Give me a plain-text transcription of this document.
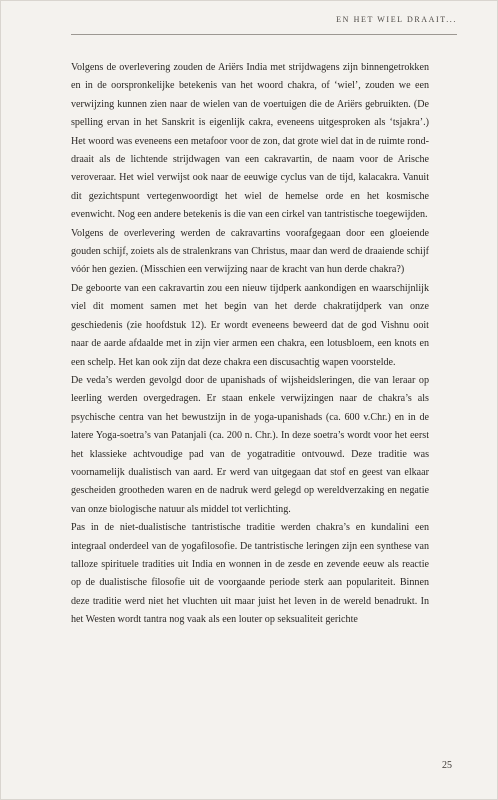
EN HET WIEL DRAAIT...

Volgens de overlevering zouden de Ariërs India met strijdwagens zijn binnengetrokken en in de oorspronkelijke betekenis van het woord chakra, of ‘wiel’, zouden we een verwijzing kunnen zien naar de wielen van de voertuigen die de Ariërs gebruikten. (De spelling ervan in het Sanskrit is eigenlijk cakra, eveneens uitgesproken als ‘tsjakra’.) Het woord was eveneens een metafoor voor de zon, dat grote wiel dat in de ruimte ronddraait als de lichtende strijdwagen van een cakravartin, de naam voor de Arische veroveraar. Het wiel verwijst ook naar de eeuwige cyclus van de tijd, kalacakra. Vanuit dit gezichtspunt vertegenwoordigt het wiel de hemelse orde en het kosmische evenwicht. Nog een andere betekenis is die van een cirkel van tantristische toegewijden.

Volgens de overlevering werden de cakravartins voorafgegaan door een gloeiende gouden schijf, zoiets als de stralenkrans van Christus, maar dan werd de draaiende schijf vóór hen gezien. (Misschien een verwijzing naar de kracht van hun derde chakra?)

De geboorte van een cakravartin zou een nieuw tijdperk aankondigen en waarschijnlijk viel dit moment samen met het begin van het derde chakratijdperk van onze geschiedenis (zie hoofdstuk 12). Er wordt eveneens beweerd dat de god Vishnu ooit naar de aarde afdaalde met in zijn vier armen een chakra, een lotusbloem, een knots en een schelp. Het kan ook zijn dat deze chakra een discusachtig wapen voorstelde.

De veda’s werden gevolgd door de upanishads of wijsheidsleringen, die van leraar op leerling werden overgedragen. Er staan enkele verwijzingen naar de chakra’s als psychische centra van het bewustzijn in de yoga-upanishads (ca. 600 v.Chr.) en in de latere Yoga-soetra’s van Patanjali (ca. 200 n. Chr.). In deze soetra’s wordt voor het eerst het klassieke achtvoudige pad van de yogatraditie ontvouwd. Deze traditie was voornamelijk dualistisch van aard. Er werd van uitgegaan dat stof en geest van elkaar gescheiden grootheden waren en de nadruk werd gelegd op wereldverzaking en negatie van onze biologische natuur als middel tot verlichting.

Pas in de niet-dualistische tantristische traditie werden chakra’s en kundalini een integraal onderdeel van de yogafilosofie. De tantristische leringen zijn een synthese van talloze spirituele tradities uit India en wonnen in de zesde en zevende eeuw als reactie op de dualistische filosofie uit de voorgaande periode sterk aan populariteit. Binnen deze traditie werd niet het vluchten uit maar juist het leven in de wereld benadrukt. In het Westen wordt tantra nog vaak als een louter op seksualiteit gerichte

25
